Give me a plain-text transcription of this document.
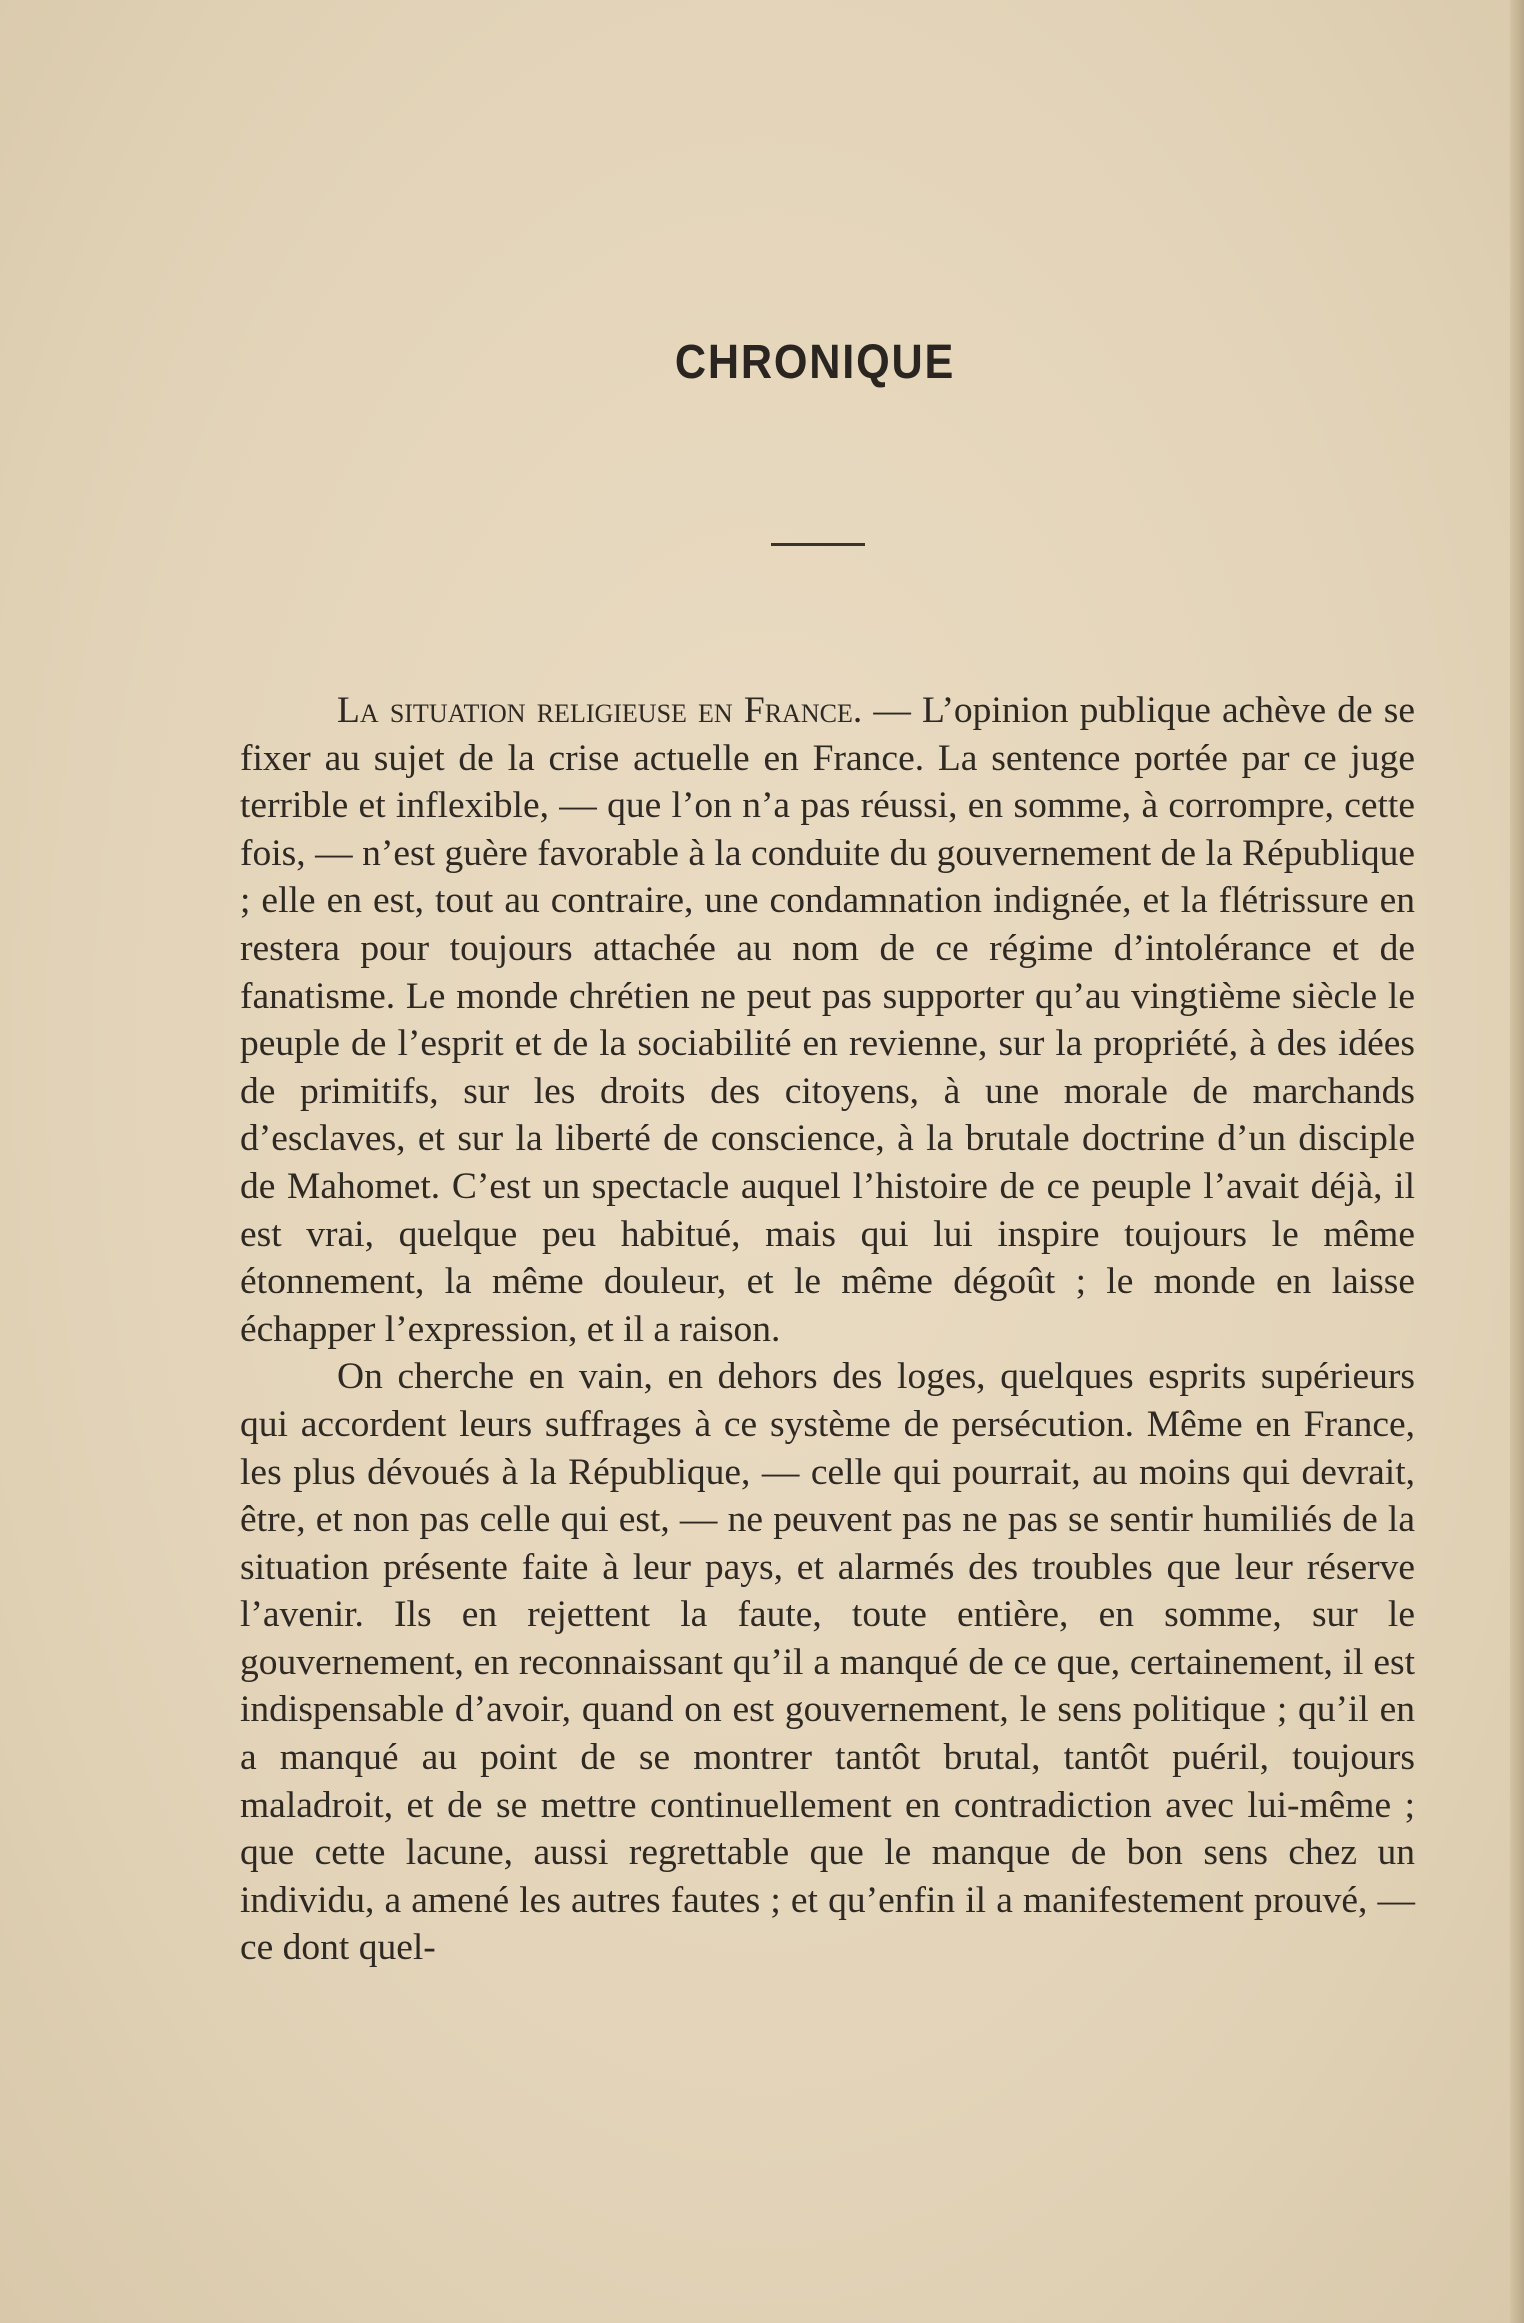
CHRONIQUE

La situation religieuse en France. — L’opinion publique achève de se fixer au sujet de la crise actuelle en France. La sentence portée par ce juge terrible et inflexible, — que l’on n’a pas réussi, en somme, à corrompre, cette fois, — n’est guère favorable à la conduite du gouvernement de la République ; elle en est, tout au contraire, une condamnation indignée, et la flétrissure en restera pour toujours attachée au nom de ce régime d’intolérance et de fanatisme. Le monde chrétien ne peut pas supporter qu’au vingtième siècle le peuple de l’esprit et de la sociabilité en revienne, sur la propriété, à des idées de primitifs, sur les droits des citoyens, à une morale de marchands d’esclaves, et sur la liberté de conscience, à la brutale doctrine d’un disciple de Mahomet. C’est un spectacle auquel l’histoire de ce peuple l’avait déjà, il est vrai, quelque peu habitué, mais qui lui inspire toujours le même étonnement, la même douleur, et le même dégoût ; le monde en laisse échapper l’expression, et il a raison.

On cherche en vain, en dehors des loges, quelques esprits supérieurs qui accordent leurs suffrages à ce système de persécution. Même en France, les plus dévoués à la République, — celle qui pourrait, au moins qui devrait, être, et non pas celle qui est, — ne peuvent pas ne pas se sentir humiliés de la situation présente faite à leur pays, et alarmés des troubles que leur réserve l’avenir. Ils en rejettent la faute, toute entière, en somme, sur le gouvernement, en reconnaissant qu’il a manqué de ce que, certainement, il est indispensable d’avoir, quand on est gouvernement, le sens politique ; qu’il en a manqué au point de se montrer tantôt brutal, tantôt puéril, toujours maladroit, et de se mettre continuellement en contradiction avec lui-même ; que cette lacune, aussi regrettable que le manque de bon sens chez un individu, a amené les autres fautes ; et qu’enfin il a manifestement prouvé, — ce dont quel-
